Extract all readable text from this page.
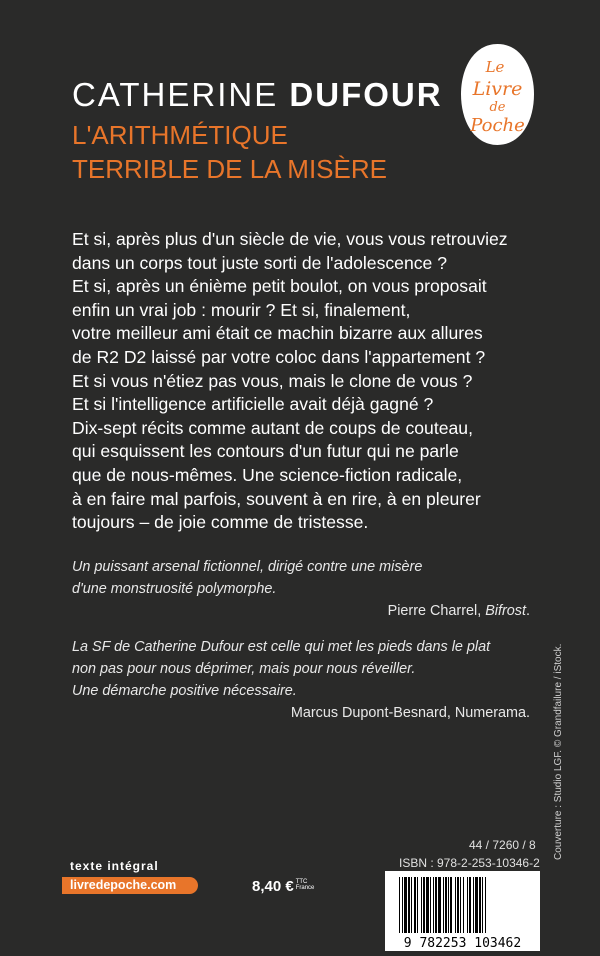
CATHERINE DUFOUR
L'ARITHMÉTIQUE
TERRIBLE DE LA MISÈRE
Le
Livre
de
Poche
Et si, après plus d'un siècle de vie, vous vous retrouviez
dans un corps tout juste sorti de l'adolescence ?
Et si, après un énième petit boulot, on vous proposait
enfin un vrai job : mourir ? Et si, finalement,
votre meilleur ami était ce machin bizarre aux allures
de R2 D2 laissé par votre coloc dans l'appartement ?
Et si vous n'étiez pas vous, mais le clone de vous ?
Et si l'intelligence artificielle avait déjà gagné ?
Dix-sept récits comme autant de coups de couteau,
qui esquissent les contours d'un futur qui ne parle
que de nous-mêmes. Une science-fiction radicale,
à en faire mal parfois, souvent à en rire, à en pleurer
toujours – de joie comme de tristesse.
Un puissant arsenal fictionnel, dirigé contre une misère
d'une monstruosité polymorphe.
Pierre Charrel, Bifrost.
La SF de Catherine Dufour est celle qui met les pieds dans le plat
non pas pour nous déprimer, mais pour nous réveiller.
Une démarche positive nécessaire.
Marcus Dupont-Besnard, Numerama.	Couverture : Studio LGF. © Grandfailure / iStock.
texte intégral
livredepoche.com	8,40 € TTC
France
44 / 7260 / 8
ISBN : 978-2-253-10346-2
9 782253 103462
